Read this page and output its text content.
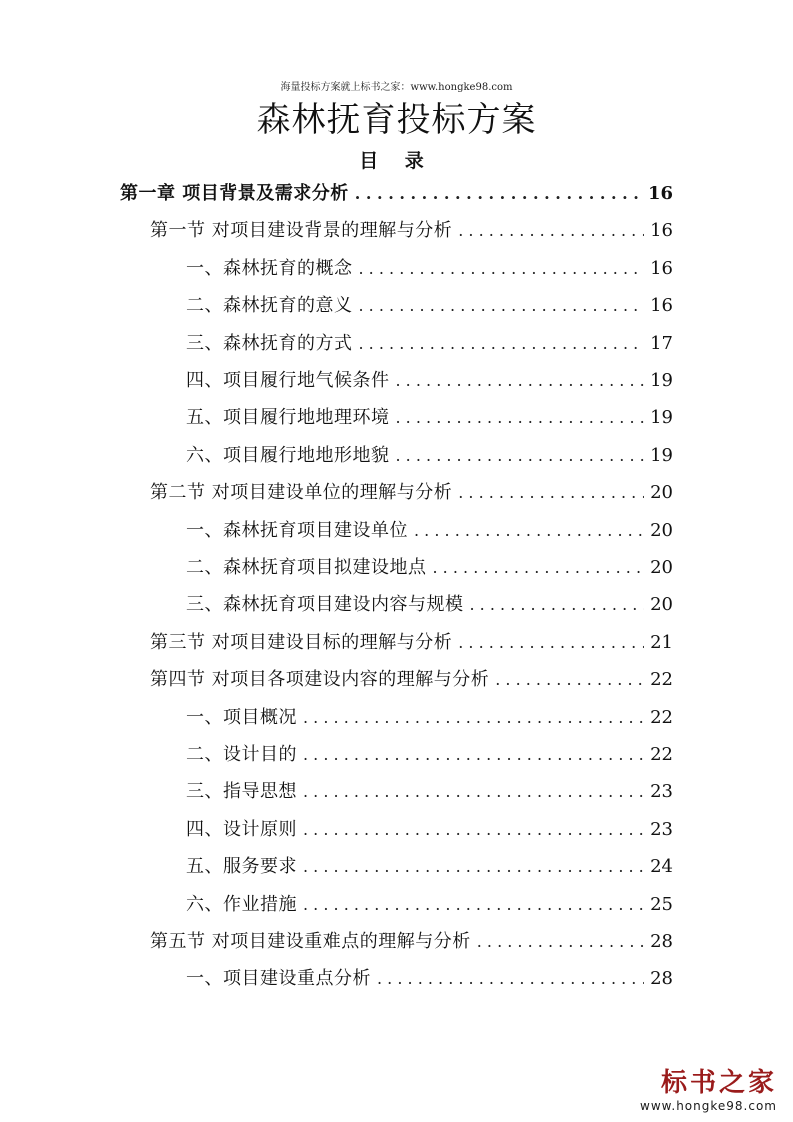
海量投标方案就上标书之家：www.hongke98.com
森林抚育投标方案
目 录
第一章 项目背景及需求分析 . . .	16
第一节 对项目建设背景的理解与分析 . . .	16
一、森林抚育的概念 . . .	16
二、森林抚育的意义 . . .	16
三、森林抚育的方式 . . .	17
四、项目履行地气候条件 . . .	19
五、项目履行地地理环境 . . .	19
六、项目履行地地形地貌 . . .	19
第二节 对项目建设单位的理解与分析 . . .	20
一、森林抚育项目建设单位 . . .	20
二、森林抚育项目拟建设地点 . . .	20
三、森林抚育项目建设内容与规模 . . .	20
第三节 对项目建设目标的理解与分析 . . .	21
第四节 对项目各项建设内容的理解与分析 . . .	22
一、项目概况 . . .	22
二、设计目的 . . .	22
三、指导思想 . . .	23
四、设计原则 . . .	23
五、服务要求 . . .	24
六、作业措施 . . .	25
第五节 对项目建设重难点的理解与分析 . . .	28
一、项目建设重点分析 . . .	28
标书之家
www.hongke98.com
